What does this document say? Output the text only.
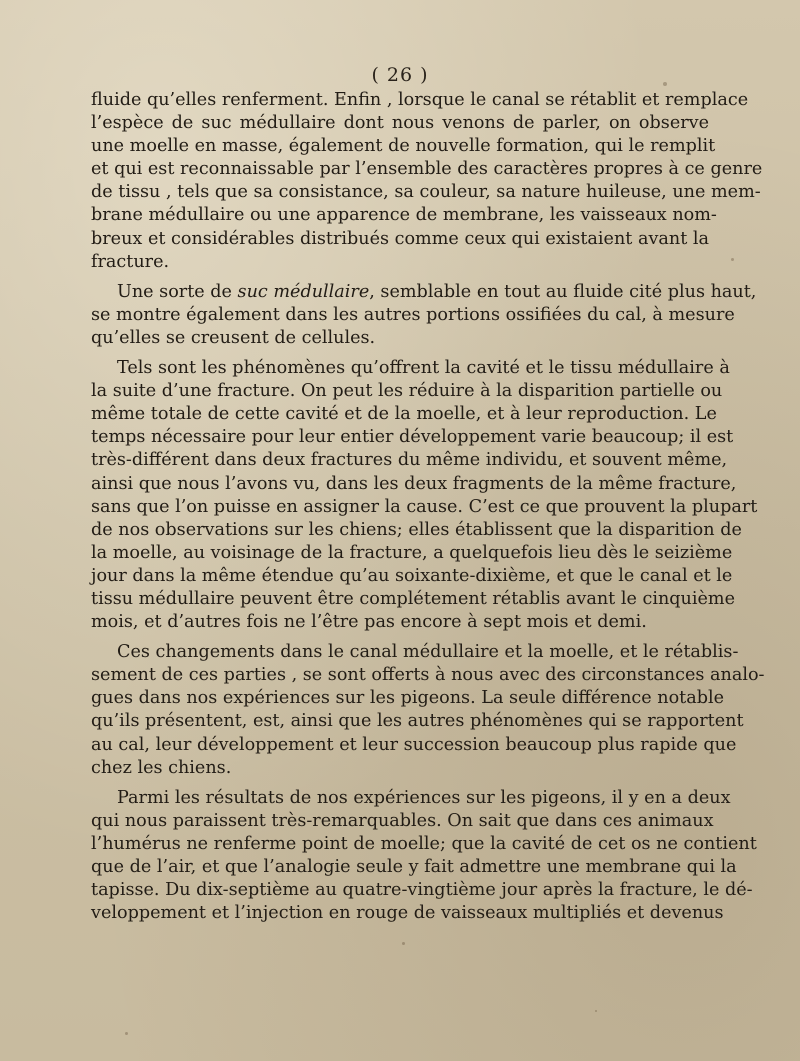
( 26 )
fluide qu’elles renferment. Enfin , lorsque le canal se rétablit et remplace
l’espèce de suc médullaire dont nous venons de parler, on observe
une moelle en masse, également de nouvelle formation, qui le remplit
et qui est reconnaissable par l’ensemble des caractères propres à ce genre
de tissu , tels que sa consistance, sa couleur, sa nature huileuse, une mem-
brane médullaire ou une apparence de membrane, les vaisseaux nom-
breux et considérables distribués comme ceux qui existaient avant la
fracture.
Une sorte de suc médullaire, semblable en tout au fluide cité plus haut,
se montre également dans les autres portions ossifiées du cal, à mesure
qu’elles se creusent de cellules.
Tels sont les phénomènes qu’offrent la cavité et le tissu médullaire à
la suite d’une fracture. On peut les réduire à la disparition partielle ou
même totale de cette cavité et de la moelle, et à leur reproduction. Le
temps nécessaire pour leur entier développement varie beaucoup; il est
très-différent dans deux fractures du même individu, et souvent même,
ainsi que nous l’avons vu, dans les deux fragments de la même fracture,
sans que l’on puisse en assigner la cause. C’est ce que prouvent la plupart
de nos observations sur les chiens; elles établissent que la disparition de
la moelle, au voisinage de la fracture, a quelquefois lieu dès le seizième
jour dans la même étendue qu’au soixante-dixième, et que le canal et le
tissu médullaire peuvent être complétement rétablis avant le cinquième
mois, et d’autres fois ne l’être pas encore à sept mois et demi.
Ces changements dans le canal médullaire et la moelle, et le rétablis-
sement de ces parties , se sont offerts à nous avec des circonstances analo-
gues dans nos expériences sur les pigeons. La seule différence notable
qu’ils présentent, est, ainsi que les autres phénomènes qui se rapportent
au cal, leur développement et leur succession beaucoup plus rapide que
chez les chiens.
Parmi les résultats de nos expériences sur les pigeons, il y en a deux
qui nous paraissent très-remarquables. On sait que dans ces animaux
l’humérus ne renferme point de moelle; que la cavité de cet os ne contient
que de l’air, et que l’analogie seule y fait admettre une membrane qui la
tapisse. Du dix-septième au quatre-vingtième jour après la fracture, le dé-
veloppement et l’injection en rouge de vaisseaux multipliés et devenus
